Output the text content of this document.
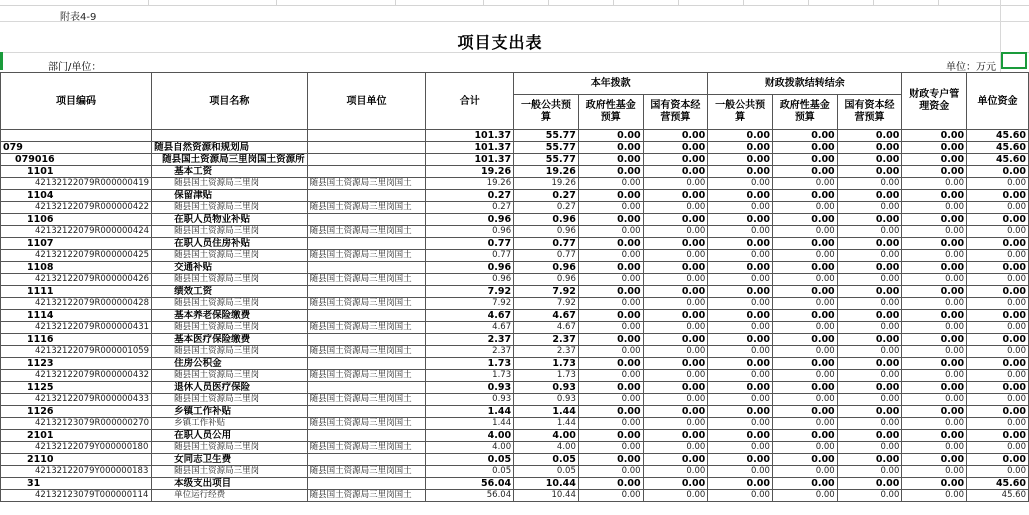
附表4-9
项目支出表
部门/单位：	单位：万元
项目编码	项目名称	项目单位	合计	本年拨款			财政拨款结转结余			财政专户管理资金	单位资金
				一般公共预算	政府性基金预算	国有资本经营预算	一般公共预算	政府性基金预算	国有资本经营预算		
			101.37	55.77	0.00	0.00	0.00	0.00	0.00	0.00	45.60
079	随县自然资源和规划局		101.37	55.77	0.00	0.00	0.00	0.00	0.00	0.00	45.60
079016	随县国土资源局三里岗国土资源所		101.37	55.77	0.00	0.00	0.00	0.00	0.00	0.00	45.60
1101	基本工资		19.26	19.26	0.00	0.00	0.00	0.00	0.00	0.00	0.00
42132122079R000000419	随县国土资源局三里岗	随县国土资源局三里岗国土	19.26	19.26	0.00	0.00	0.00	0.00	0.00	0.00	0.00
1104	保留津贴		0.27	0.27	0.00	0.00	0.00	0.00	0.00	0.00	0.00
42132122079R000000422	随县国土资源局三里岗	随县国土资源局三里岗国土	0.27	0.27	0.00	0.00	0.00	0.00	0.00	0.00	0.00
1106	在职人员物业补贴		0.96	0.96	0.00	0.00	0.00	0.00	0.00	0.00	0.00
42132122079R000000424	随县国土资源局三里岗	随县国土资源局三里岗国土	0.96	0.96	0.00	0.00	0.00	0.00	0.00	0.00	0.00
1107	在职人员住房补贴		0.77	0.77	0.00	0.00	0.00	0.00	0.00	0.00	0.00
42132122079R000000425	随县国土资源局三里岗	随县国土资源局三里岗国土	0.77	0.77	0.00	0.00	0.00	0.00	0.00	0.00	0.00
1108	交通补贴		0.96	0.96	0.00	0.00	0.00	0.00	0.00	0.00	0.00
42132122079R000000426	随县国土资源局三里岗	随县国土资源局三里岗国土	0.96	0.96	0.00	0.00	0.00	0.00	0.00	0.00	0.00
1111	绩效工资		7.92	7.92	0.00	0.00	0.00	0.00	0.00	0.00	0.00
42132122079R000000428	随县国土资源局三里岗	随县国土资源局三里岗国土	7.92	7.92	0.00	0.00	0.00	0.00	0.00	0.00	0.00
1114	基本养老保险缴费		4.67	4.67	0.00	0.00	0.00	0.00	0.00	0.00	0.00
42132122079R000000431	随县国土资源局三里岗	随县国土资源局三里岗国土	4.67	4.67	0.00	0.00	0.00	0.00	0.00	0.00	0.00
1116	基本医疗保险缴费		2.37	2.37	0.00	0.00	0.00	0.00	0.00	0.00	0.00
42132122079R000001059	随县国土资源局三里岗	随县国土资源局三里岗国土	2.37	2.37	0.00	0.00	0.00	0.00	0.00	0.00	0.00
1123	住房公积金		1.73	1.73	0.00	0.00	0.00	0.00	0.00	0.00	0.00
42132122079R000000432	随县国土资源局三里岗	随县国土资源局三里岗国土	1.73	1.73	0.00	0.00	0.00	0.00	0.00	0.00	0.00
1125	退休人员医疗保险		0.93	0.93	0.00	0.00	0.00	0.00	0.00	0.00	0.00
42132122079R000000433	随县国土资源局三里岗	随县国土资源局三里岗国土	0.93	0.93	0.00	0.00	0.00	0.00	0.00	0.00	0.00
1126	乡镇工作补贴		1.44	1.44	0.00	0.00	0.00	0.00	0.00	0.00	0.00
42132123079R000000270	乡镇工作补贴	随县国土资源局三里岗国土	1.44	1.44	0.00	0.00	0.00	0.00	0.00	0.00	0.00
2101	在职人员公用		4.00	4.00	0.00	0.00	0.00	0.00	0.00	0.00	0.00
42132122079Y000000180	随县国土资源局三里岗	随县国土资源局三里岗国土	4.00	4.00	0.00	0.00	0.00	0.00	0.00	0.00	0.00
2110	女同志卫生费		0.05	0.05	0.00	0.00	0.00	0.00	0.00	0.00	0.00
42132122079Y000000183	随县国土资源局三里岗	随县国土资源局三里岗国土	0.05	0.05	0.00	0.00	0.00	0.00	0.00	0.00	0.00
31	本级支出项目		56.04	10.44	0.00	0.00	0.00	0.00	0.00	0.00	45.60
42132123079T000000114	单位运行经费	随县国土资源局三里岗国土	56.04	10.44	0.00	0.00	0.00	0.00	0.00	0.00	45.60
